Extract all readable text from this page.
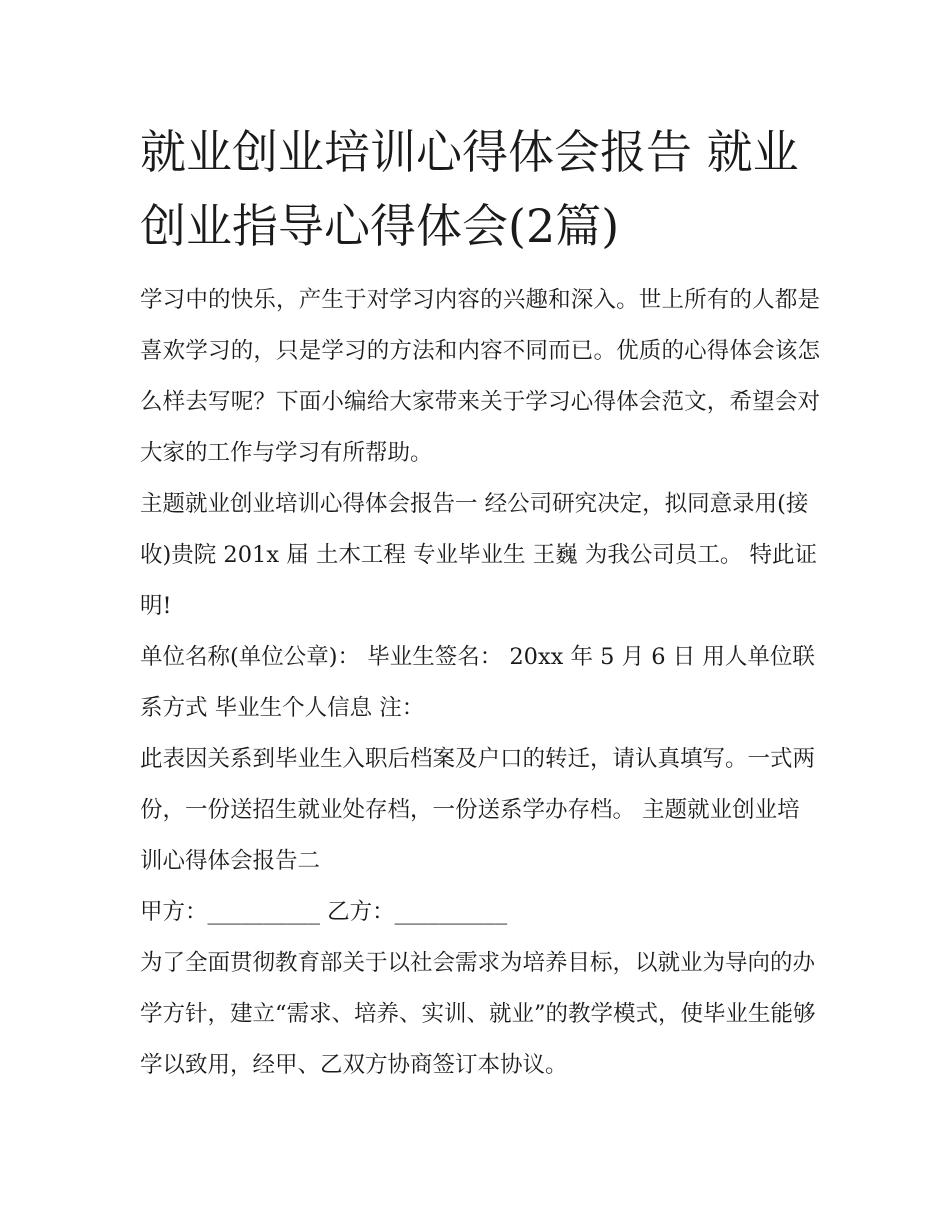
就业创业培训心得体会报告 就业创业指导心得体会(2篇)

学习中的快乐，产生于对学习内容的兴趣和深入。世上所有的人都是喜欢学习的，只是学习的方法和内容不同而已。优质的心得体会该怎么样去写呢？下面小编给大家带来关于学习心得体会范文，希望会对大家的工作与学习有所帮助。

主题就业创业培训心得体会报告一 经公司研究决定，拟同意录用(接收)贵院 201x 届 土木工程 专业毕业生 王巍 为我公司员工。 特此证明!

单位名称(单位公章)： 毕业生签名： 20xx 年 5 月 6 日 用人单位联系方式 毕业生个人信息 注：

此表因关系到毕业生入职后档案及户口的转迁，请认真填写。一式两份，一份送招生就业处存档，一份送系学办存档。 主题就业创业培训心得体会报告二

甲方：__________ 乙方：__________

为了全面贯彻教育部关于以社会需求为培养目标，以就业为导向的办学方针，建立“需求、培养、实训、就业”的教学模式，使毕业生能够学以致用，经甲、乙双方协商签订本协议。
